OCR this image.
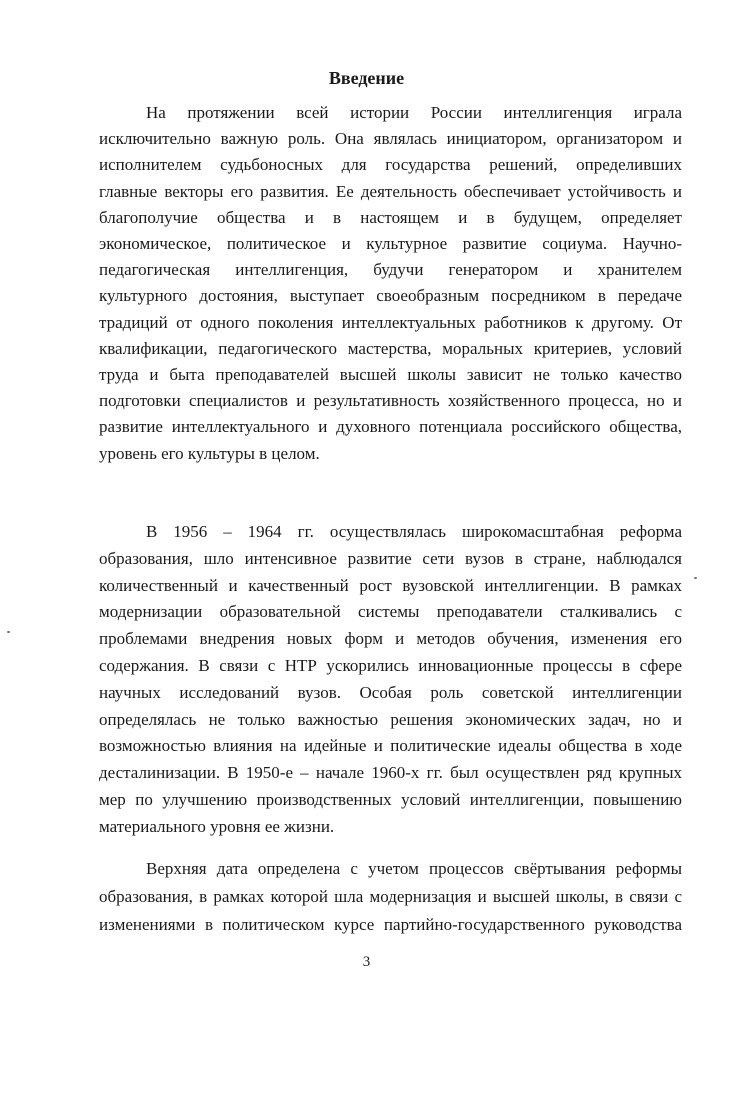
Введение
На протяжении всей истории России интеллигенция играла
исключительно важную роль. Она являлась инициатором, организатором и
исполнителем судьбоносных для государства решений, определивших
главные векторы его развития. Ее деятельность обеспечивает устойчивость и
благополучие общества и в настоящем и в будущем, определяет
экономическое, политическое и культурное развитие социума. Научно-
педагогическая интеллигенция, будучи генератором и хранителем
культурного достояния, выступает своеобразным посредником в передаче
традиций от одного поколения интеллектуальных работников к другому. От
квалификации, педагогического мастерства, моральных критериев, условий
труда и быта преподавателей высшей школы зависит не только качество
подготовки специалистов и результативность хозяйственного процесса, но и
развитие интеллектуального и духовного потенциала российского общества,
уровень его культуры в целом.
В 1956 – 1964 гг. осуществлялась широкомасштабная реформа
образования, шло интенсивное развитие сети вузов в стране, наблюдался
количественный и качественный рост вузовской интеллигенции. В рамках
модернизации образовательной системы преподаватели сталкивались с
проблемами внедрения новых форм и методов обучения, изменения его
содержания. В связи с НТР ускорились инновационные процессы в сфере
научных исследований вузов. Особая роль советской интеллигенции
определялась не только важностью решения экономических задач, но и
возможностью влияния на идейные и политические идеалы общества в ходе
десталинизации. В 1950-е – начале 1960-х гг. был осуществлен ряд крупных
мер по улучшению производственных условий интеллигенции, повышению
материального уровня ее жизни.
Верхняя дата определена с учетом процессов свёртывания реформы
образования, в рамках которой шла модернизация и высшей школы, в связи с
изменениями в политическом курсе партийно-государственного руководства
3
